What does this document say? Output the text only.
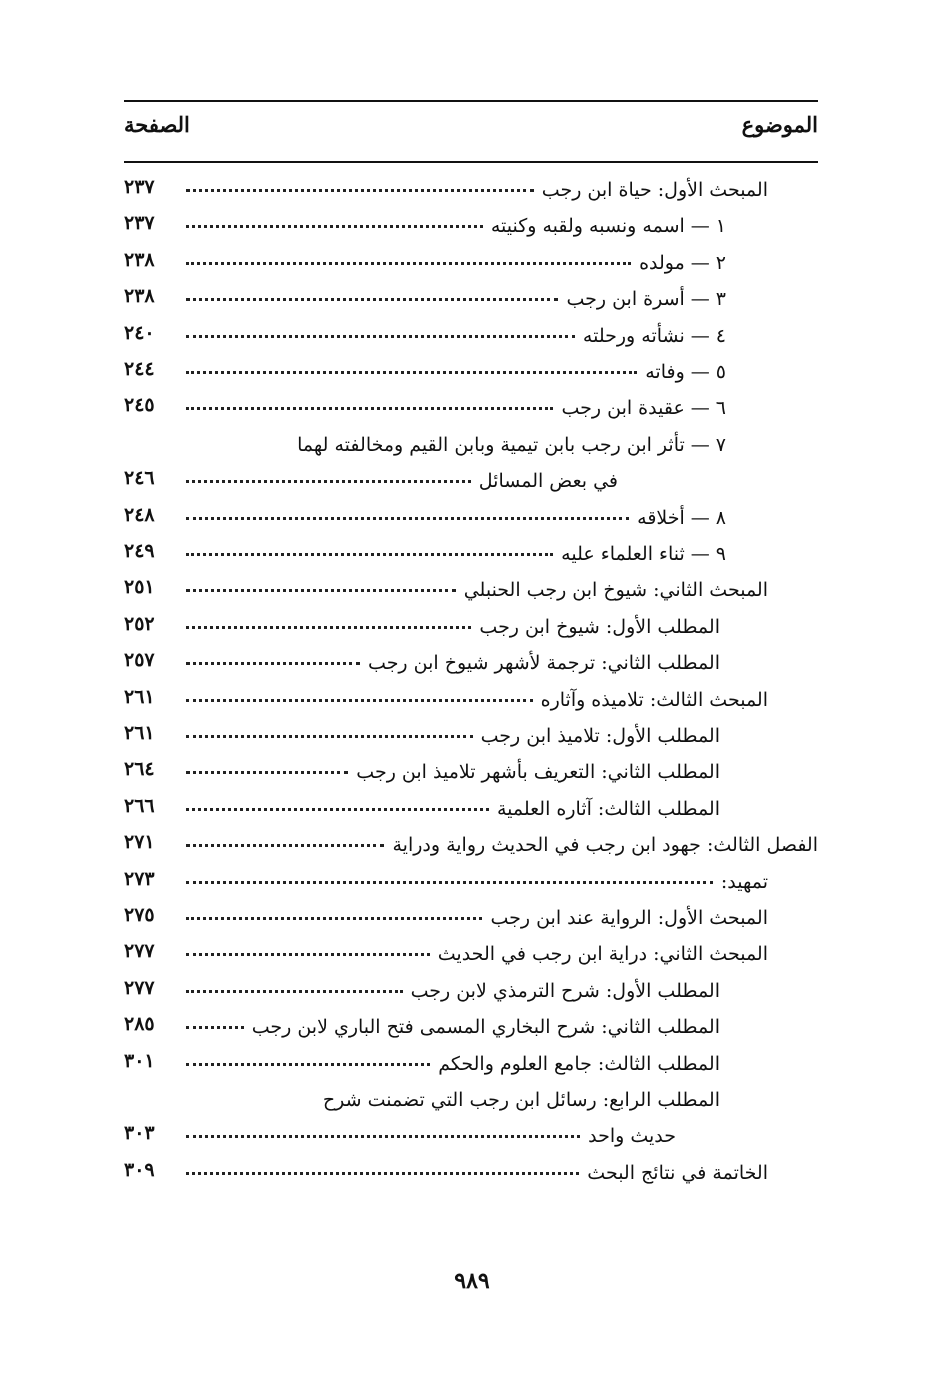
الموضوع
الصفحة
المبحث الأول: حياة ابن رجب
٢٣٧
١—اسمه ونسبه ولقبه وكنيته
٢٣٧
٢—مولده
٢٣٨
٣—أسرة ابن رجب
٢٣٨
٤—نشأته ورحلته
٢٤٠
٥—وفاته
٢٤٤
٦—عقيدة ابن رجب
٢٤٥
٧—تأثر ابن رجب بابن تيمية وبابن القيم ومخالفته لهما
في بعض المسائل
٢٤٦
٨—أخلاقه
٢٤٨
٩—ثناء العلماء عليه
٢٤٩
المبحث الثاني: شيوخ ابن رجب الحنبلي
٢٥١
المطلب الأول: شيوخ ابن رجب
٢٥٢
المطلب الثاني: ترجمة لأشهر شيوخ ابن رجب
٢٥٧
المبحث الثالث: تلاميذه وآثاره
٢٦١
المطلب الأول: تلاميذ ابن رجب
٢٦١
المطلب الثاني: التعريف بأشهر تلاميذ ابن رجب
٢٦٤
المطلب الثالث: آثاره العلمية
٢٦٦
الفصل الثالث: جهود ابن رجب في الحديث رواية ودراية
٢٧١
تمهيد:
٢٧٣
المبحث الأول: الرواية عند ابن رجب
٢٧٥
المبحث الثاني: دراية ابن رجب في الحديث
٢٧٧
المطلب الأول: شرح الترمذي لابن رجب
٢٧٧
المطلب الثاني: شرح البخاري المسمى فتح الباري لابن رجب
٢٨٥
المطلب الثالث: جامع العلوم والحكم
٣٠١
المطلب الرابع: رسائل ابن رجب التي تضمنت شرح
حديث واحد
٣٠٣
الخاتمة في نتائج البحث
٣٠٩
٩٨٩
